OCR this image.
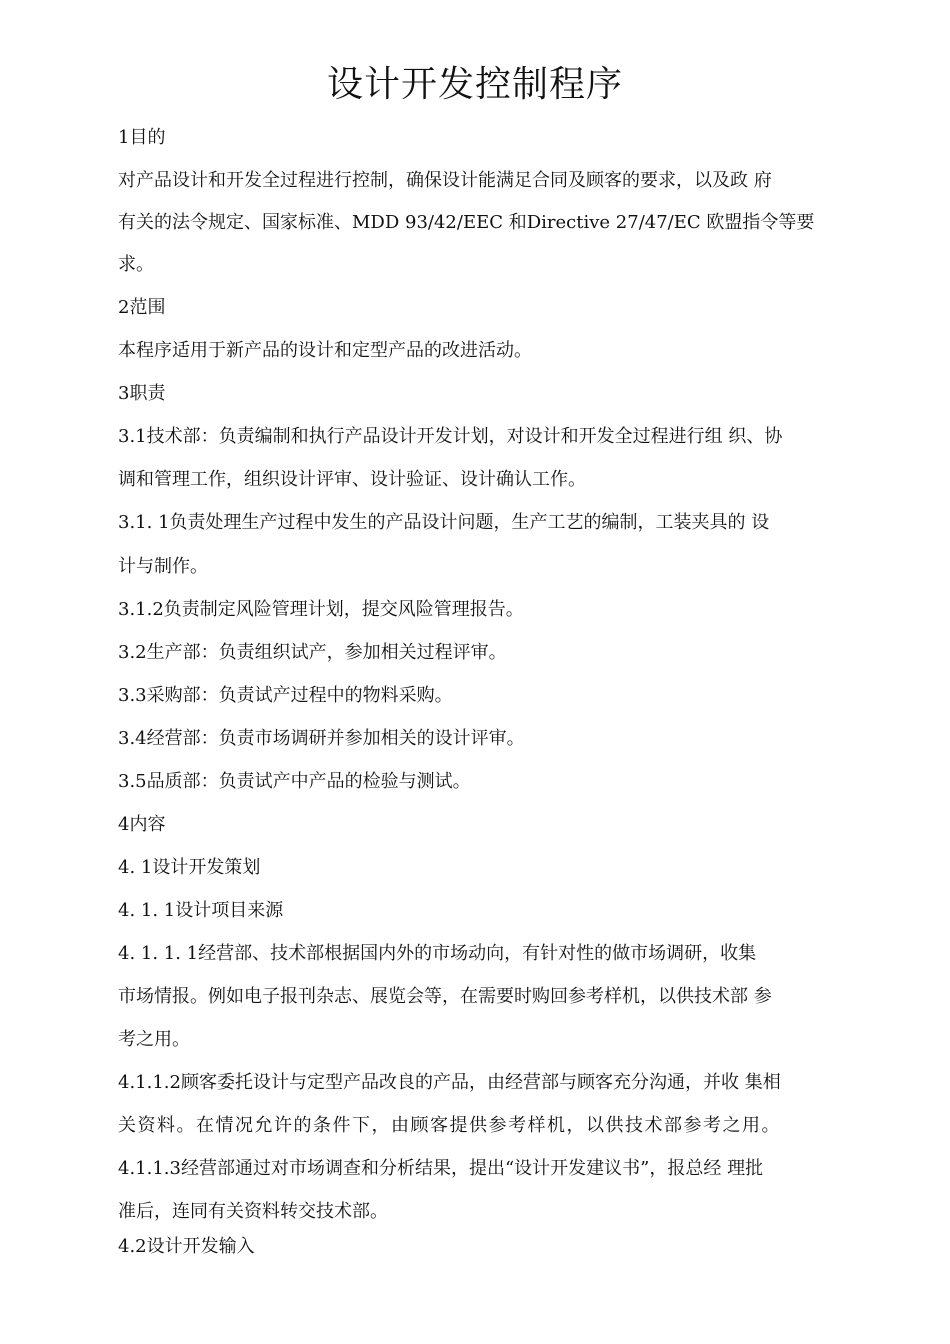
设计开发控制程序
1目的
对产品设计和开发全过程进行控制，确保设计能满足合同及顾客的要求，以及政 府
有关的法令规定、国家标准、MDD 93/42/EEC 和Directive 27/47/EC 欧盟指令等要
求。
2范围
本程序适用于新产品的设计和定型产品的改进活动。
3职责
3.1技术部：负责编制和执行产品设计开发计划，对设计和开发全过程进行组 织、协
调和管理工作，组织设计评审、设计验证、设计确认工作。
3.1. 1负责处理生产过程中发生的产品设计问题，生产工艺的编制，工装夹具的 设
计与制作。
3.1.2负责制定风险管理计划，提交风险管理报告。
3.2生产部：负责组织试产，参加相关过程评审。
3.3采购部：负责试产过程中的物料采购。
3.4经营部：负责市场调研并参加相关的设计评审。
3.5品质部：负责试产中产品的检验与测试。
4内容
4. 1设计开发策划
4. 1. 1设计项目来源
4. 1. 1. 1经营部、技术部根据国内外的市场动向，有针对性的做市场调研，收集
市场情报。例如电子报刊杂志、展览会等，在需要时购回参考样机，以供技术部 参
考之用。
4.1.1.2顾客委托设计与定型产品改良的产品，由经营部与顾客充分沟通，并收 集相
关资料。在情况允许的条件下，由顾客提供参考样机，以供技术部参考之用。
4.1.1.3经营部通过对市场调查和分析结果，提出“设计开发建议书”，报总经 理批
准后，连同有关资料转交技术部。
4.2设计开发输入
